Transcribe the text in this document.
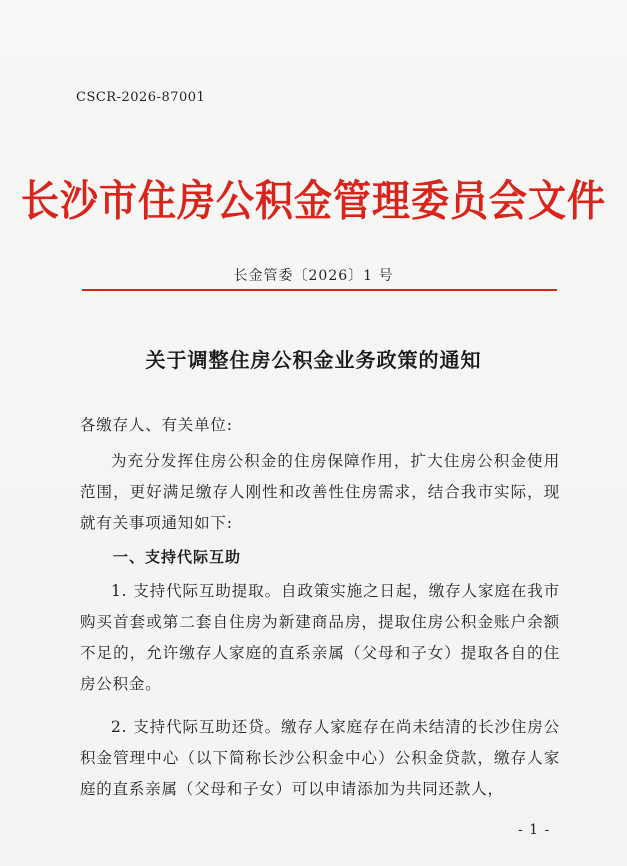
CSCR-2026-87001
长沙市住房公积金管理委员会文件
长金管委〔2026〕1 号
关于调整住房公积金业务政策的通知
各缴存人、有关单位:
为充分发挥住房公积金的住房保障作用，扩大住房公积金使用范围，更好满足缴存人刚性和改善性住房需求，结合我市实际，现就有关事项通知如下:
一、支持代际互助
1. 支持代际互助提取。自政策实施之日起，缴存人家庭在我市购买首套或第二套自住房为新建商品房，提取住房公积金账户余额不足的，允许缴存人家庭的直系亲属（父母和子女）提取各自的住房公积金。
2. 支持代际互助还贷。缴存人家庭存在尚未结清的长沙住房公积金管理中心（以下简称长沙公积金中心）公积金贷款，缴存人家庭的直系亲属（父母和子女）可以申请添加为共同还款人，
- 1 -
